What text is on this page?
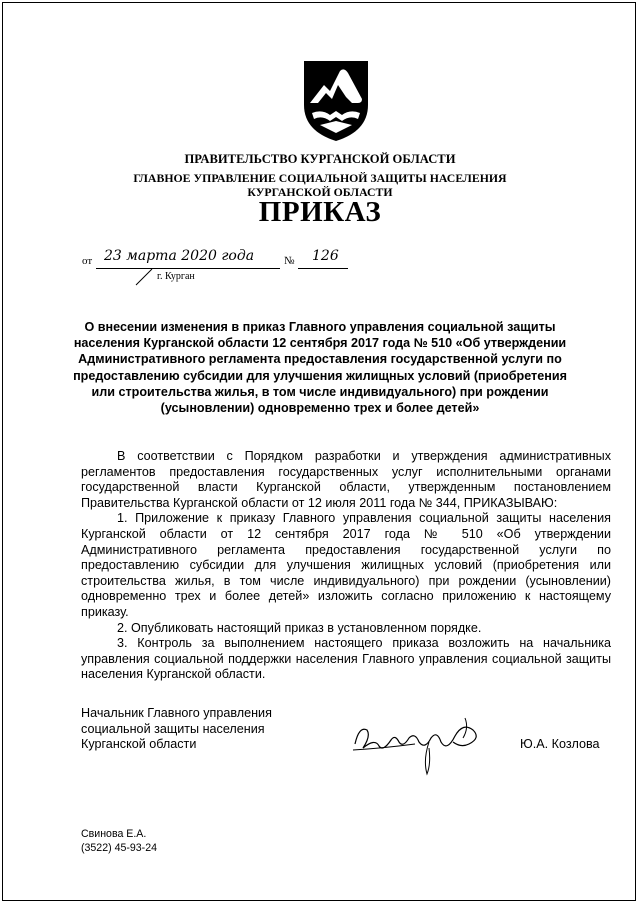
ПРАВИТЕЛЬСТВО КУРГАНСКОЙ ОБЛАСТИ
ГЛАВНОЕ УПРАВЛЕНИЕ СОЦИАЛЬНОЙ ЗАЩИТЫ НАСЕЛЕНИЯ
КУРГАНСКОЙ ОБЛАСТИ
ПРИКАЗ
от 23 марта 2020 года	№ 126
г. Курган
О внесении изменения в приказ Главного управления социальной защиты
населения Курганской области 12 сентября 2017 года № 510 «Об утверждении
Административного регламента предоставления государственной услуги по
предоставлению субсидии для улучшения жилищных условий (приобретения
или строительства жилья, в том числе индивидуального) при рождении
(усыновлении) одновременно трех и более детей»

В соответствии с Порядком разработки и утверждения административных регламентов предоставления государственных услуг исполнительными органами государственной власти Курганской области, утвержденным постановлением Правительства Курганской области от 12 июля 2011 года № 344, ПРИКАЗЫВАЮ:

1. Приложение к приказу Главного управления социальной защиты населения Курганской области от 12 сентября 2017 года № 510 «Об утверждении Административного регламента предоставления государственной услуги по предоставлению субсидии для улучшения жилищных условий (приобретения или строительства жилья, в том числе индивидуального) при рождении (усыновлении) одновременно трех и более детей» изложить согласно приложению к настоящему приказу.

2. Опубликовать настоящий приказ в установленном порядке.

3. Контроль за выполнением настоящего приказа возложить на начальника управления социальной поддержки населения Главного управления социальной защиты населения Курганской области.

Начальник Главного управления
социальной защиты населения
Курганской области	Ю.А. Козлова
Свинова Е.А.
(3522) 45-93-24
